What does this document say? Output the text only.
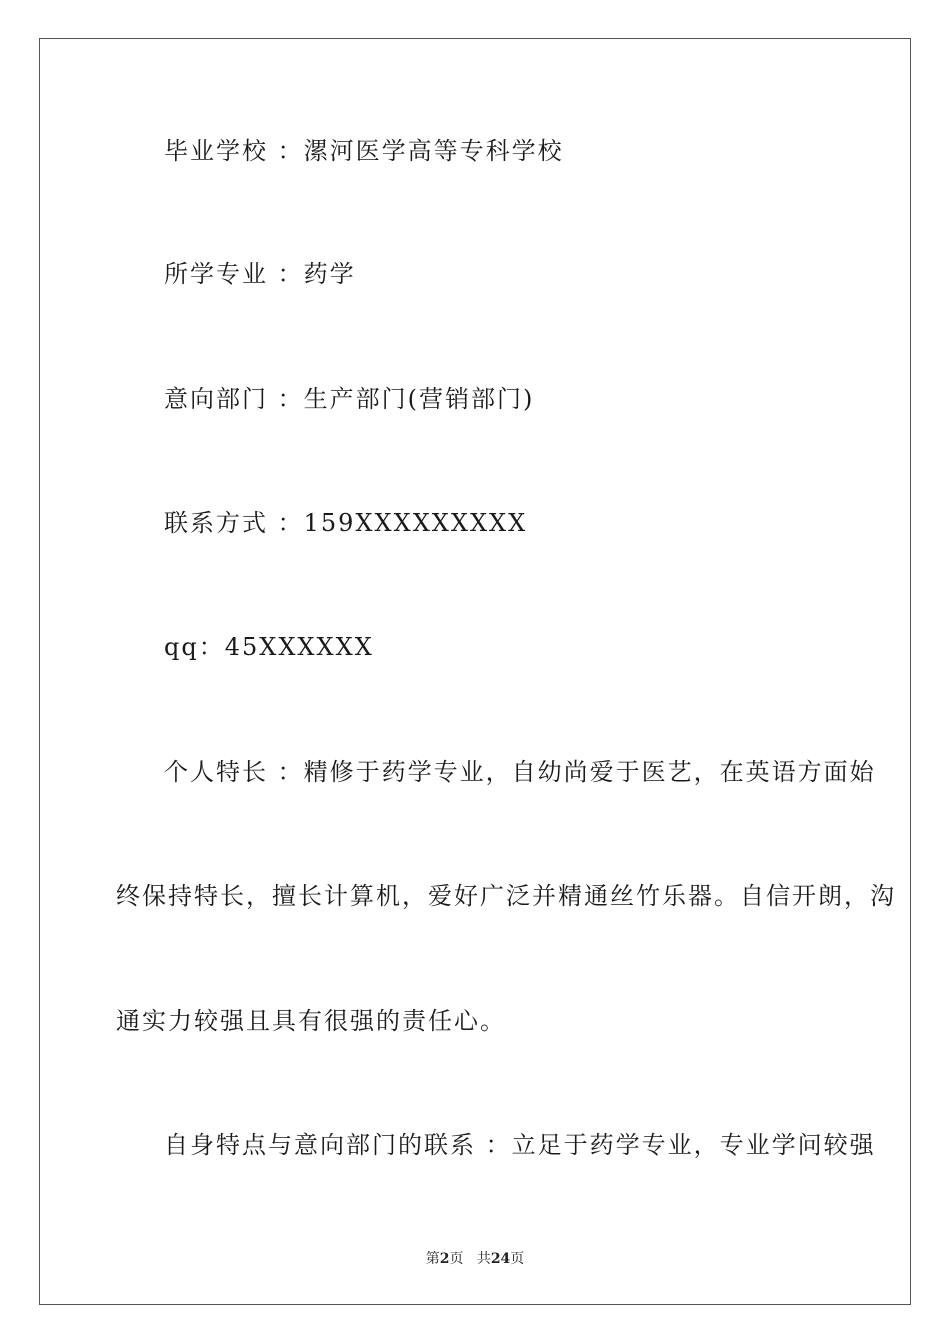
毕业学校 ：漯河医学高等专科学校
所学专业 ：药学
意向部门 ：生产部门(营销部门)
联系方式 ：159XXXXXXXXX
qq：45XXXXXX
个人特长 ：精修于药学专业，自幼尚爱于医艺，在英语方面始
终保持特长，擅长计算机，爱好广泛并精通丝竹乐器。自信开朗，沟
通实力较强且具有很强的责任心。
自身特点与意向部门的联系 ：立足于药学专业，专业学问较强
第2页 共24页
